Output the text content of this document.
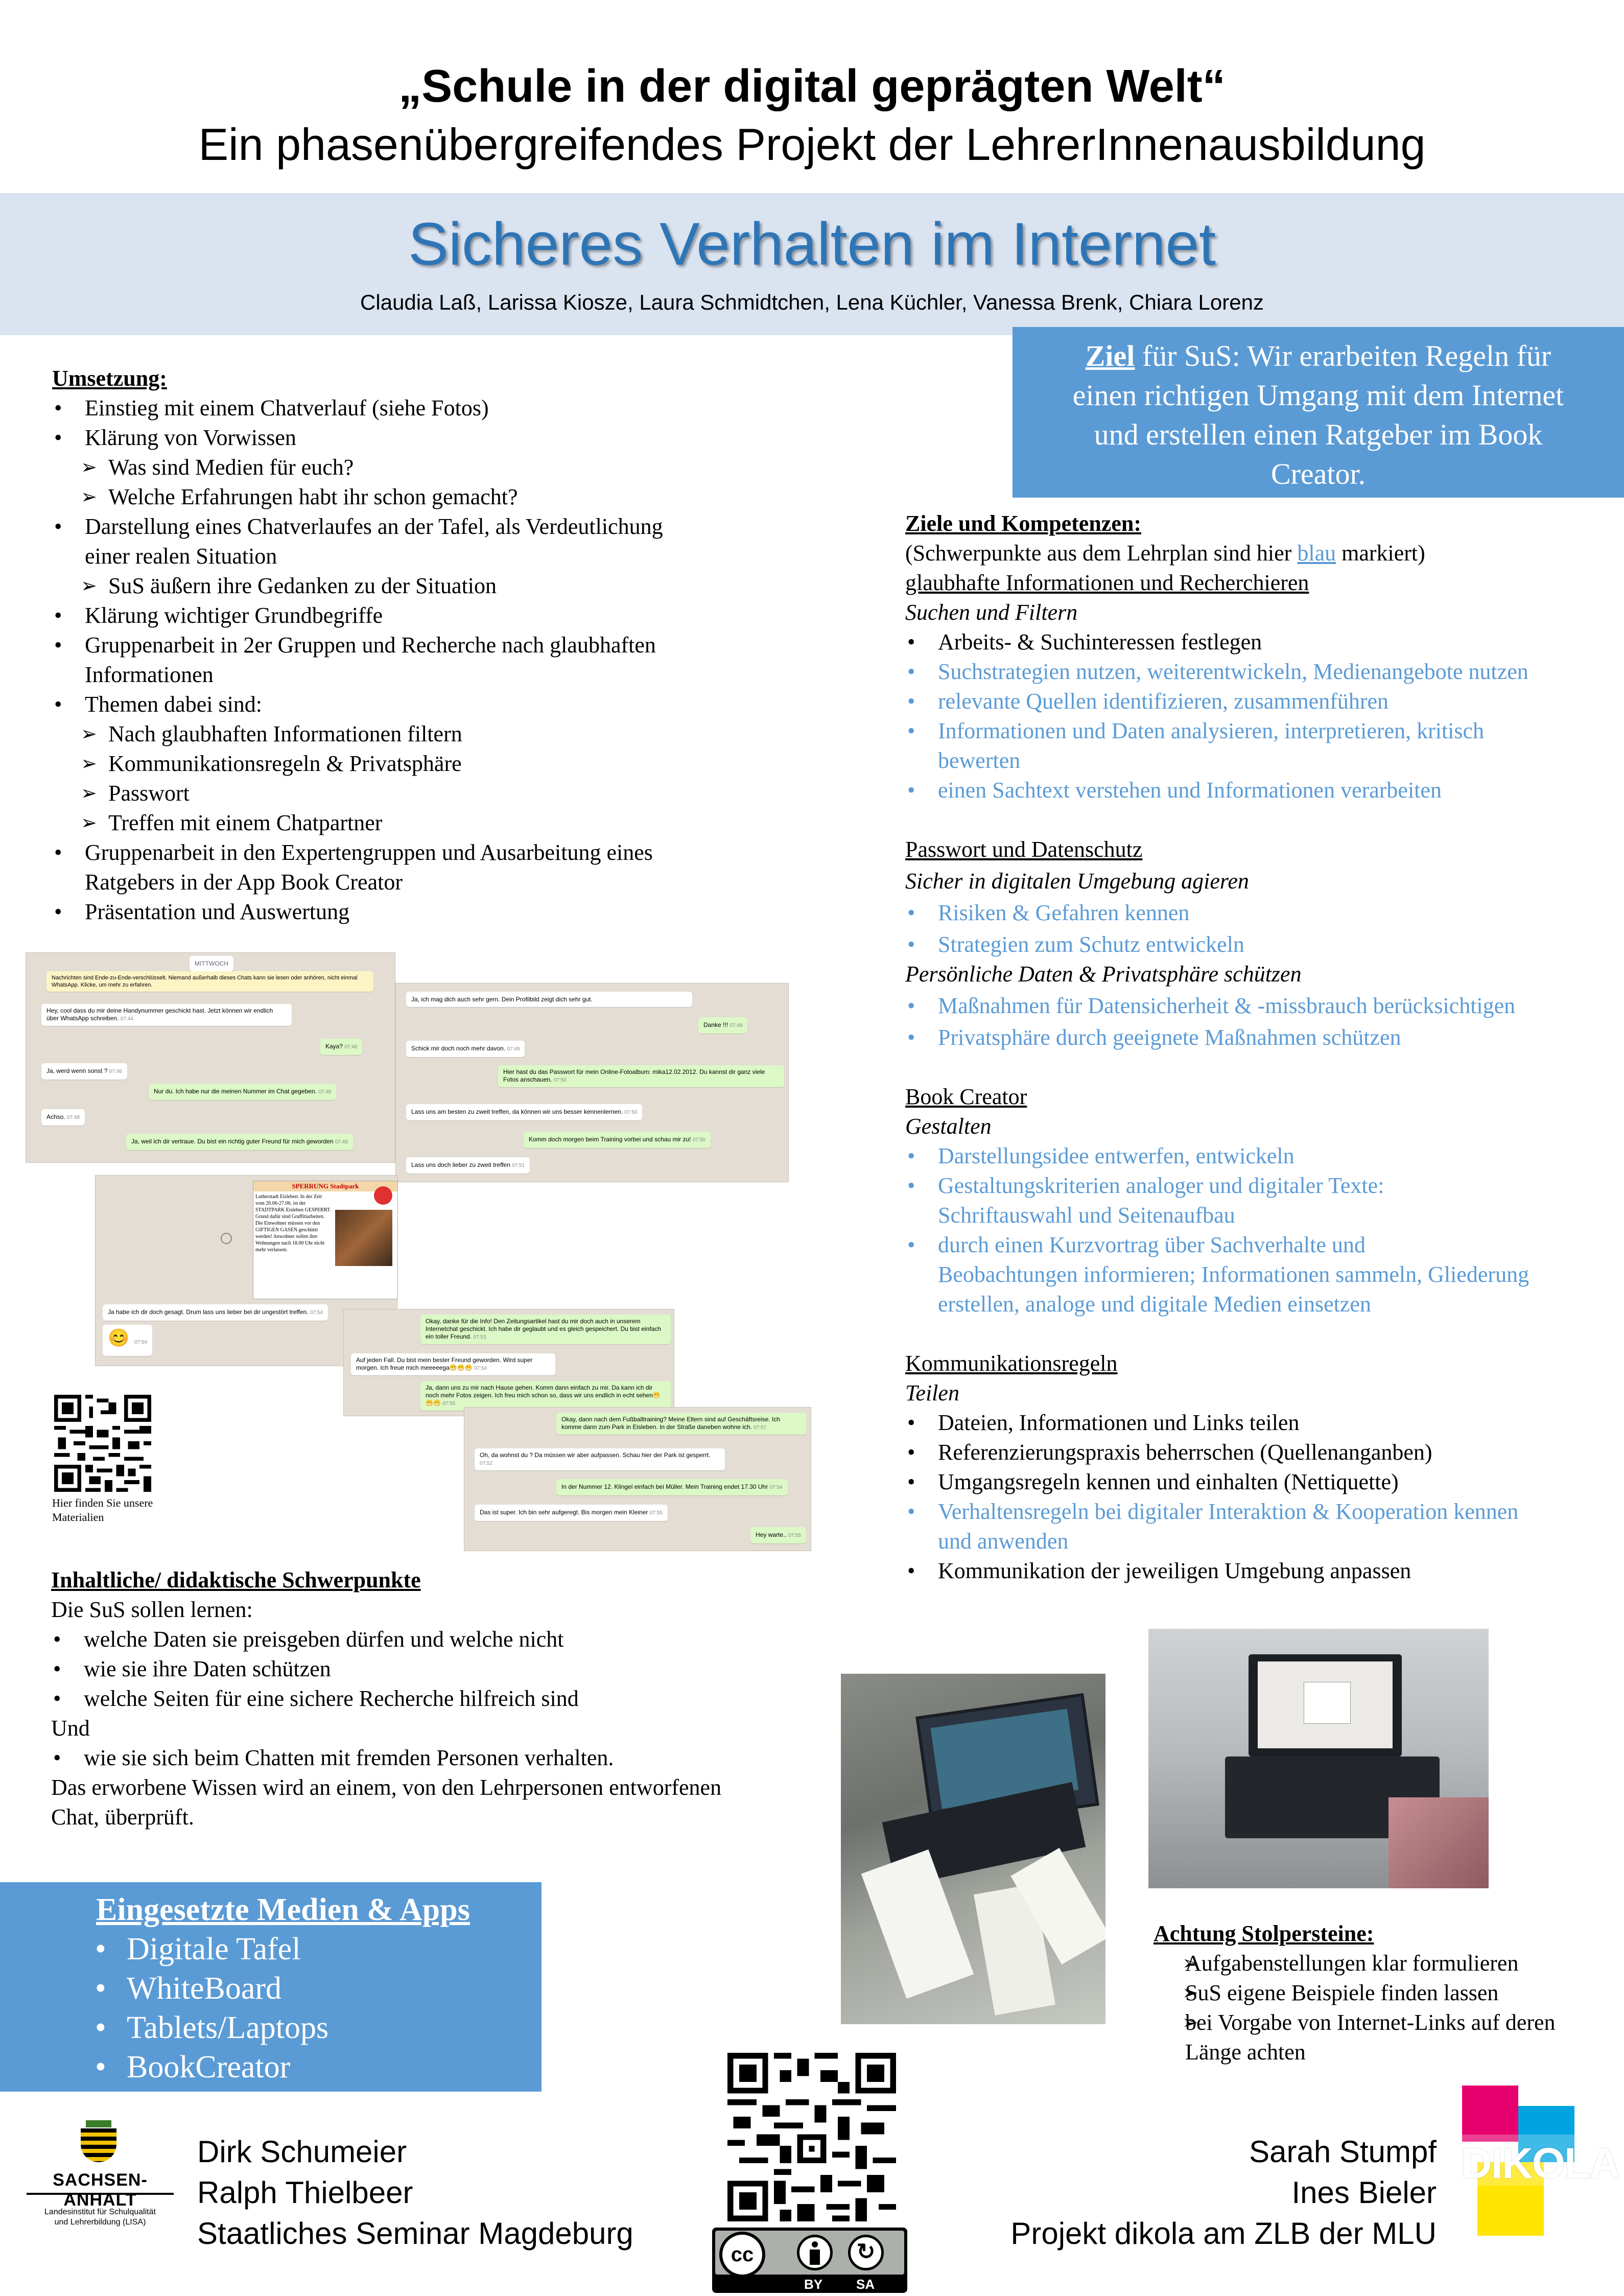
„Schule in der digital geprägten Welt“
Ein phasenübergreifendes Projekt der LehrerInnenausbildung
Sicheres Verhalten im Internet
Claudia Laß, Larissa Kiosze, Laura Schmidtchen, Lena Küchler, Vanessa Brenk, Chiara Lorenz
Ziel für SuS: Wir erarbeiten Regeln für
einen richtigen Umgang mit dem Internet
und erstellen einen Ratgeber im Book
Creator.
Umsetzung:
• Einstieg mit einem Chatverlauf (siehe Fotos)
• Klärung von Vorwissen
➢ Was sind Medien für euch?
➢ Welche Erfahrungen habt ihr schon gemacht?
• Darstellung eines Chatverlaufes an der Tafel, als Verdeutlichung
einer realen Situation
➢ SuS äußern ihre Gedanken zu der Situation
• Klärung wichtiger Grundbegriffe
• Gruppenarbeit in 2er Gruppen und Recherche nach glaubhaften
Informationen
• Themen dabei sind:
➢ Nach glaubhaften Informationen filtern
➢ Kommunikationsregeln & Privatsphäre
➢ Passwort
➢ Treffen mit einem Chatpartner
• Gruppenarbeit in den Expertengruppen und Ausarbeitung eines
Ratgebers in der App Book Creator
• Präsentation und Auswertung
Ziele und Kompetenzen:
(Schwerpunkte aus dem Lehrplan sind hier blau markiert)
glaubhafte Informationen und Recherchieren
Suchen und Filtern
• Arbeits- & Suchinteressen festlegen
• Suchstrategien nutzen, weiterentwickeln, Medienangebote nutzen
• relevante Quellen identifizieren, zusammenführen
• Informationen und Daten analysieren, interpretieren, kritisch
bewerten
• einen Sachtext verstehen und Informationen verarbeiten
Passwort und Datenschutz
Sicher in digitalen Umgebung agieren
• Risiken & Gefahren kennen
• Strategien zum Schutz entwickeln
Persönliche Daten & Privatsphäre schützen
• Maßnahmen für Datensicherheit & -missbrauch berücksichtigen
• Privatsphäre durch geeignete Maßnahmen schützen
Book Creator
Gestalten
• Darstellungsidee entwerfen, entwickeln
• Gestaltungskriterien analoger und digitaler Texte:
Schriftauswahl und Seitenaufbau
• durch einen Kurzvortrag über Sachverhalte und
Beobachtungen informieren; Informationen sammeln, Gliederung
erstellen, analoge und digitale Medien einsetzen
Kommunikationsregeln
Teilen
• Dateien, Informationen und Links teilen
• Referenzierungspraxis beherrschen (Quellenanganben)
• Umgangsregeln kennen und einhalten (Nettiquette)
• Verhaltensregeln bei digitaler Interaktion & Kooperation kennen
und anwenden
• Kommunikation der jeweiligen Umgebung anpassen
MITTWOCH
Nachrichten sind Ende-zu-Ende-verschlüsselt. Niemand außerhalb dieses Chats kann sie lesen oder anhören, nicht einmal WhatsApp. Klicke, um mehr zu erfahren.
Hey, cool dass du mir deine Handynummer geschickt hast. Jetzt können wir endlich über WhatsApp schreiben. 07:44
Kaya? 07:46
Ja, werd wenn sonst ? 07:46
Nur du. Ich habe nur die meinen Nummer im Chat gegeben. 07:48
Achso. 07:48
Ja, weil ich dir vertraue. Du bist ein richtig guter Freund für mich geworden 07:48
Ja, ich mag dich auch sehr gern. Dein Profilbild zeigt dich sehr gut.
Danke !!! 07:49
Schick mir doch noch mehr davon. 07:49
Hier hast du das Passwort für mein Online-Fotoalbum: mika12.02.2012. Du kannst dir ganz viele Fotos anschauen. 07:50
Lass uns am besten zu zweit treffen, da können wir uns besser kennenlernen. 07:50
Komm doch morgen beim Training vorbei und schau mir zu! 07:50
Lass uns doch lieber zu zweit treffen 07:51
SPERRUNG Stadtpark
Lutherstadt Eisleben: In der Zeit vom 20.06-27.06. ist der STADTPARK Eisleben GESPERRT. Grund dafür sind Graffitiarbeiten. Die Einwohner müssen vor den GIFTIGEN GASEN geschützt werden! Anwohner sollen ihre Wohnungen nach 18.00 Uhr nicht mehr verlassen.
Ja habe ich dir doch gesagt. Drum lass uns lieber bei dir ungestört treffen. 07:54
😊 07:54
Okay, danke für die Info! Den Zeitungsartikel hast du mir doch auch in unserem Internetchat geschickt. Ich habe dir geglaubt und es gleich gespeichert. Du bist einfach ein toller Freund. 07:53
Auf jeden Fall. Du bist mein bester Freund geworden. Wird super morgen. Ich freue mich meeeeega😁😁😁 07:54
Ja, dann uns zu mir nach Hause gehen. Komm dann einfach zu mir. Da kann ich dir noch mehr Fotos zeigen. Ich freu mich schon so, dass wir uns endlich in echt sehen😁😁😁 07:55
Okay, dann nach dem Fußballtraining? Meine Eltern sind auf Geschäftsreise. Ich komme dann zum Park in Eisleben. In der Straße daneben wohne ich. 07:57
Oh, da wohnst du ? Da müssen wir aber aufpassen. Schau hier der Park ist gesperrt. 07:52
In der Nummer 12. Klingel einfach bei Müller. Mein Training endet 17.30 Uhr 07:54
Das ist super. Ich bin sehr aufgeregt. Bis morgen mein Kleiner 07:55
Hey warte.. 07:55
Hier finden Sie unsere Materialien
Inhaltliche/ didaktische Schwerpunkte
Die SuS sollen lernen:
• welche Daten sie preisgeben dürfen und welche nicht
• wie sie ihre Daten schützen
• welche Seiten für eine sichere Recherche hilfreich sind
Und
• wie sie sich beim Chatten mit fremden Personen verhalten.
Das erworbene Wissen wird an einem, von den Lehrpersonen entworfenen
Chat, überprüft.
Eingesetzte Medien & Apps
• Digitale Tafel
• WhiteBoard
• Tablets/Laptops
• BookCreator
Achtung Stolpersteine:
➢ Aufgabenstellungen klar formulieren
➢ SuS eigene Beispiele finden lassen
➢ bei Vorgabe von Internet-Links auf deren
Länge achten
cc	↻
BY	SA
SACHSEN-ANHALT
Landesinstitut für Schulqualität
und Lehrerbildung (LISA)
Dirk Schumeier
Ralph Thielbeer
Staatliches Seminar Magdeburg
Sarah Stumpf
Ines Bieler
Projekt dikola am ZLB der MLU
DIKOLA
